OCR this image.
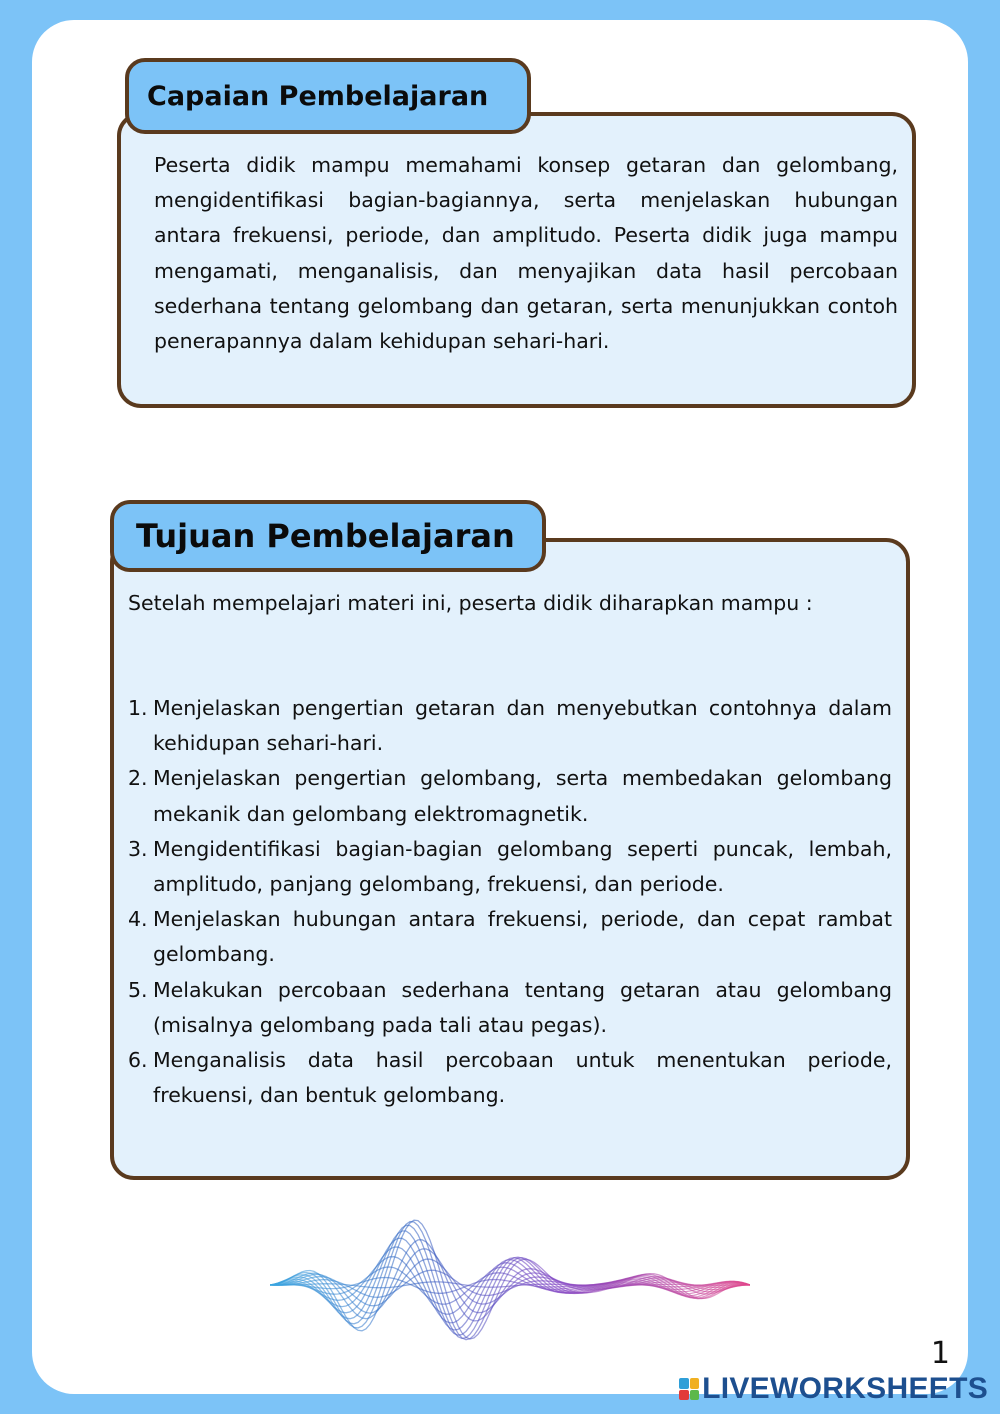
Peserta didik mampu memahami konsep getaran dan gelombang, mengidentifikasi bagian-bagiannya, serta menjelaskan hubungan antara frekuensi, periode, dan amplitudo. Peserta didik juga mampu mengamati, menganalisis, dan menyajikan data hasil percobaan sederhana tentang gelombang dan getaran, serta menunjukkan contoh penerapannya dalam kehidupan sehari-hari.
Capaian Pembelajaran
Setelah mempelajari materi ini, peserta didik diharapkan mampu :
1. Menjelaskan pengertian getaran dan menyebutkan contohnya dalam kehidupan sehari-hari.
2. Menjelaskan pengertian gelombang, serta membedakan gelombang mekanik dan gelombang elektromagnetik.
3. Mengidentifikasi bagian-bagian gelombang seperti puncak, lembah, amplitudo, panjang gelombang, frekuensi, dan periode.
4. Menjelaskan hubungan antara frekuensi, periode, dan cepat rambat gelombang.
5. Melakukan percobaan sederhana tentang getaran atau gelombang (misalnya gelombang pada tali atau pegas).
6. Menganalisis data hasil percobaan untuk menentukan periode, frekuensi, dan bentuk gelombang.
Tujuan Pembelajaran
1
LIVEWORKSHEETS
